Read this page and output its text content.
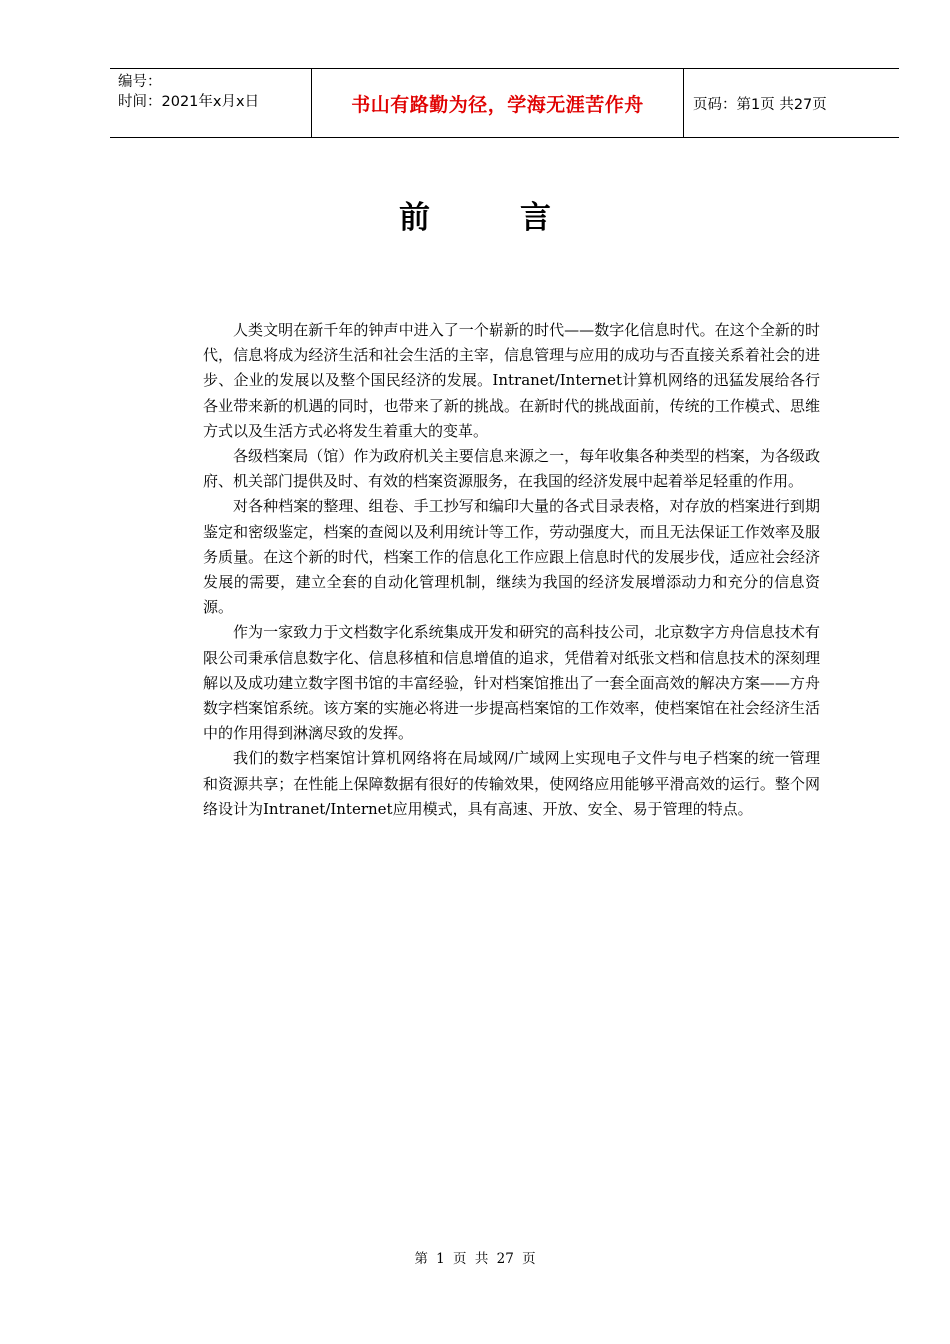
编号：
时间：2021年x月x日	书山有路勤为径，学海无涯苦作舟	页码：第1页 共27页
前言

人类文明在新千年的钟声中进入了一个崭新的时代——数字化信息时代。在这个全新的时代，信息将成为经济生活和社会生活的主宰，信息管理与应用的成功与否直接关系着社会的进步、企业的发展以及整个国民经济的发展。Intranet/Internet计算机网络的迅猛发展给各行各业带来新的机遇的同时，也带来了新的挑战。在新时代的挑战面前，传统的工作模式、思维方式以及生活方式必将发生着重大的变革。

各级档案局（馆）作为政府机关主要信息来源之一，每年收集各种类型的档案，为各级政府、机关部门提供及时、有效的档案资源服务，在我国的经济发展中起着举足轻重的作用。

对各种档案的整理、组卷、手工抄写和编印大量的各式目录表格，对存放的档案进行到期鉴定和密级鉴定，档案的查阅以及利用统计等工作，劳动强度大，而且无法保证工作效率及服务质量。在这个新的时代，档案工作的信息化工作应跟上信息时代的发展步伐，适应社会经济发展的需要，建立全套的自动化管理机制，继续为我国的经济发展增添动力和充分的信息资源。

作为一家致力于文档数字化系统集成开发和研究的高科技公司，北京数字方舟信息技术有限公司秉承信息数字化、信息移植和信息增值的追求，凭借着对纸张文档和信息技术的深刻理解以及成功建立数字图书馆的丰富经验，针对档案馆推出了一套全面高效的解决方案——方舟数字档案馆系统。该方案的实施必将进一步提高档案馆的工作效率，使档案馆在社会经济生活中的作用得到淋漓尽致的发挥。

我们的数字档案馆计算机网络将在局域网/广域网上实现电子文件与电子档案的统一管理和资源共享；在性能上保障数据有很好的传输效果，使网络应用能够平滑高效的运行。整个网络设计为Intranet/Internet应用模式，具有高速、开放、安全、易于管理的特点。

第 1 页 共 27 页
